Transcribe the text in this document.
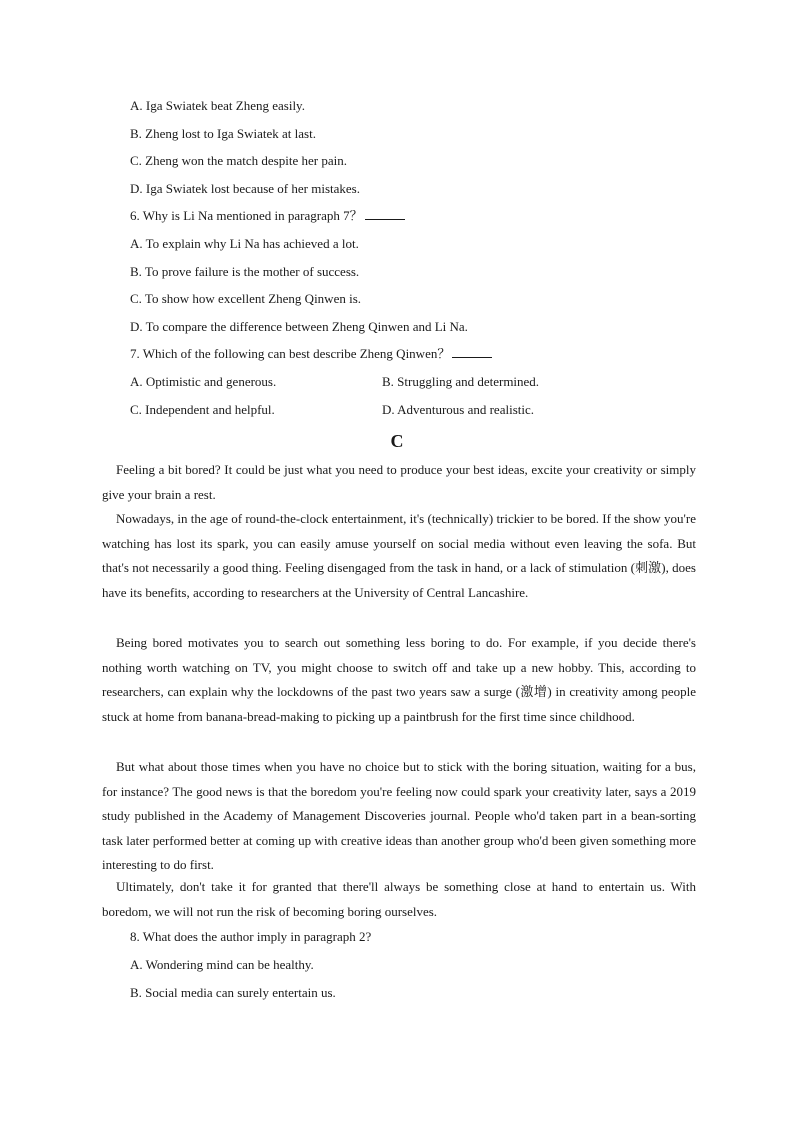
A. Iga Swiatek beat Zheng easily.
B. Zheng lost to Iga Swiatek at last.
C. Zheng won the match despite her pain.
D. Iga Swiatek lost because of her mistakes.
6. Why is Li Na mentioned in paragraph 7？
A. To explain why Li Na has achieved a lot.
B. To prove failure is the mother of success.
C. To show how excellent Zheng Qinwen is.
D. To compare the difference between Zheng Qinwen and Li Na.
7. Which of the following can best describe Zheng Qinwen？
A. Optimistic and generous.	B. Struggling and determined.
C. Independent and helpful.	D. Adventurous and realistic.
C

Feeling a bit bored? It could be just what you need to produce your best ideas, excite your creativity or simply give your brain a rest.

Nowadays, in the age of round-the-clock entertainment, it's (technically) trickier to be bored. If the show you're watching has lost its spark, you can easily amuse yourself on social media without even leaving the sofa. But that's not necessarily a good thing. Feeling disengaged from the task in hand, or a lack of stimulation (刺激), does have its benefits, according to researchers at the University of Central Lancashire.

Being bored motivates you to search out something less boring to do. For example, if you decide there's nothing worth watching on TV, you might choose to switch off and take up a new hobby. This, according to researchers, can explain why the lockdowns of the past two years saw a surge (激增) in creativity among people stuck at home from banana-bread-making to picking up a paintbrush for the first time since childhood.

But what about those times when you have no choice but to stick with the boring situation, waiting for a bus, for instance? The good news is that the boredom you're feeling now could spark your creativity later, says a 2019 study published in the Academy of Management Discoveries journal. People who'd taken part in a bean-sorting task later performed better at coming up with creative ideas than another group who'd been given something more interesting to do first.

Ultimately, don't take it for granted that there'll always be something close at hand to entertain us. With boredom, we will not run the risk of becoming boring ourselves.

8. What does the author imply in paragraph 2?
A. Wondering mind can be healthy.
B. Social media can surely entertain us.
